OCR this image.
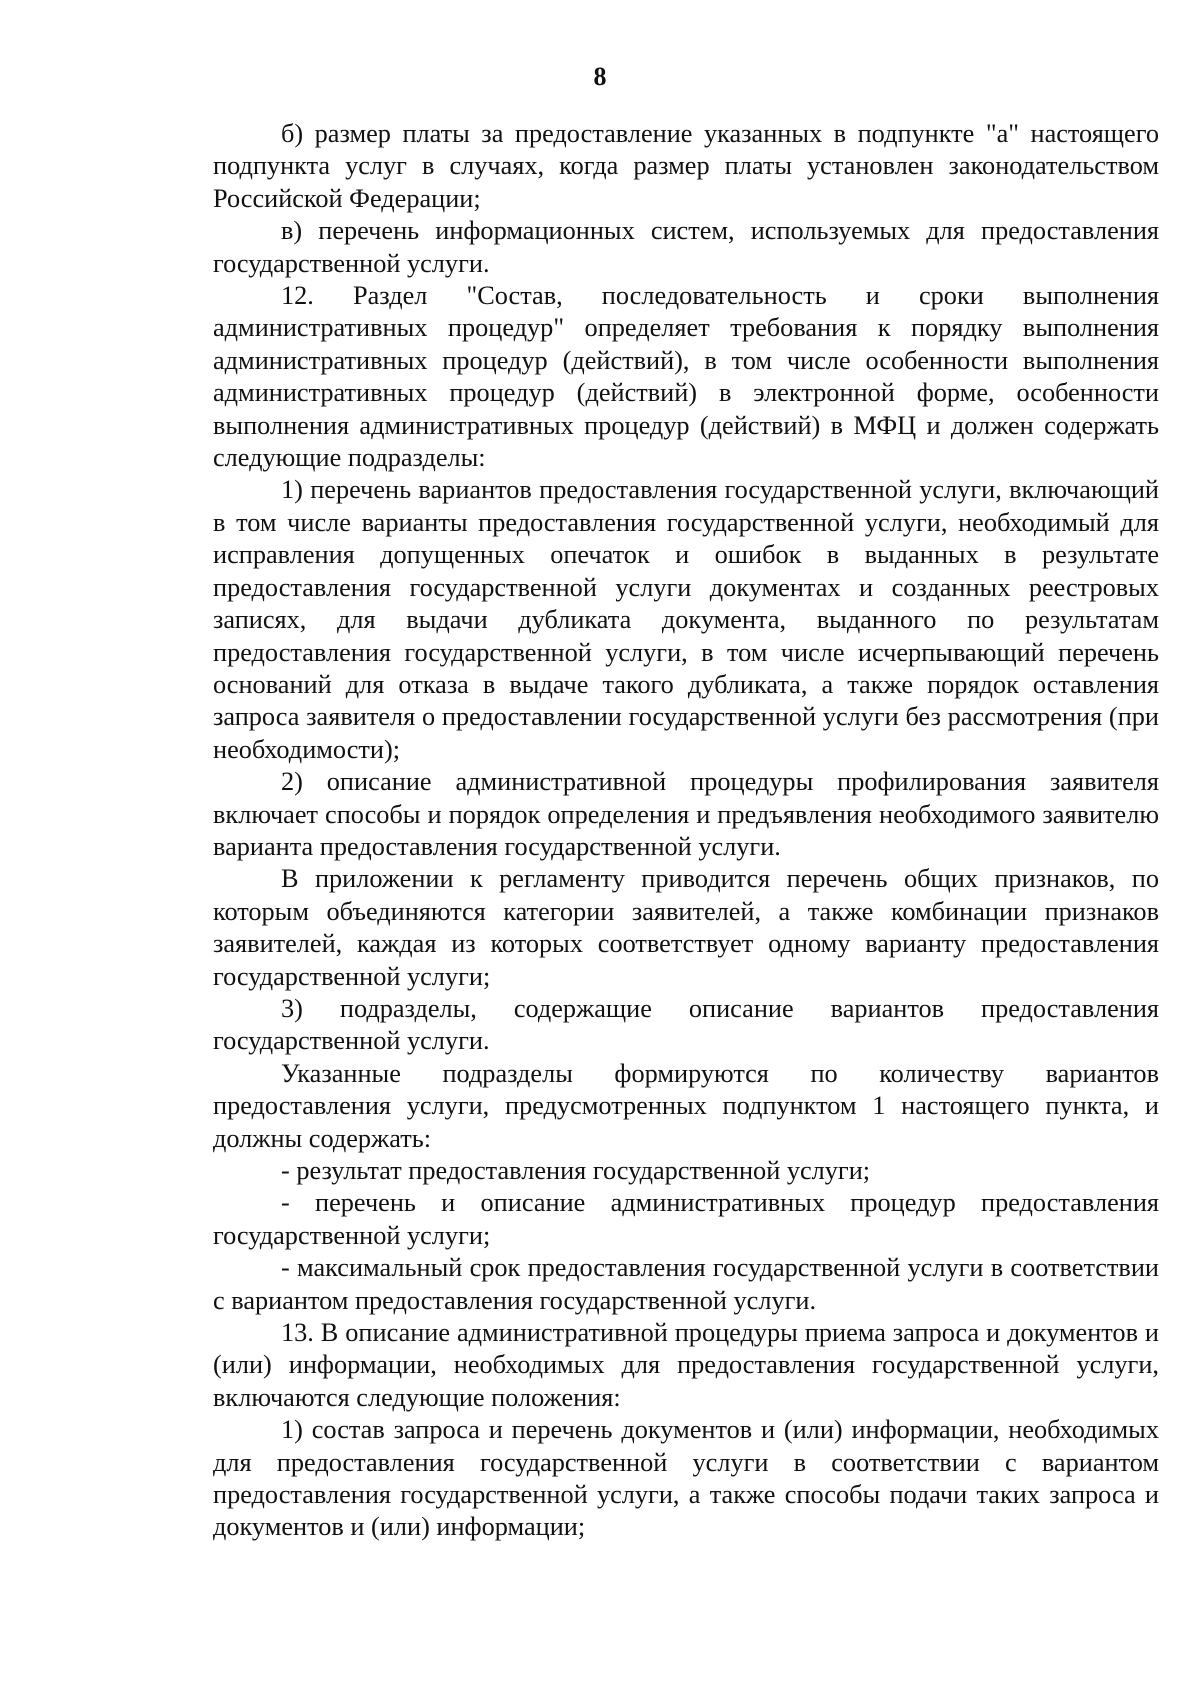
8

б) размер платы за предоставление указанных в подпункте "а" настоящего подпункта услуг в случаях, когда размер платы установлен законодательством Российской Федерации;

в) перечень информационных систем, используемых для предоставления государственной услуги.

12. Раздел "Состав, последовательность и сроки выполнения административных процедур" определяет требования к порядку выполнения административных процедур (действий), в том числе особенности выполнения административных процедур (действий) в электронной форме, особенности выполнения административных процедур (действий) в МФЦ и должен содержать следующие подразделы:

1) перечень вариантов предоставления государственной услуги, включающий в том числе варианты предоставления государственной услуги, необходимый для исправления допущенных опечаток и ошибок в выданных в результате предоставления государственной услуги документах и созданных реестровых записях, для выдачи дубликата документа, выданного по результатам предоставления государственной услуги, в том числе исчерпывающий перечень оснований для отказа в выдаче такого дубликата, а также порядок оставления запроса заявителя о предоставлении государственной услуги без рассмотрения (при необходимости);

2) описание административной процедуры профилирования заявителя включает способы и порядок определения и предъявления необходимого заявителю варианта предоставления государственной услуги.

В приложении к регламенту приводится перечень общих признаков, по которым объединяются категории заявителей, а также комбинации признаков заявителей, каждая из которых соответствует одному варианту предоставления государственной услуги;

3) подразделы, содержащие описание вариантов предоставления государственной услуги.

Указанные подразделы формируются по количеству вариантов предоставления услуги, предусмотренных подпунктом 1 настоящего пункта, и должны содержать:

- результат предоставления государственной услуги;

- перечень и описание административных процедур предоставления государственной услуги;

- максимальный срок предоставления государственной услуги в соответствии с вариантом предоставления государственной услуги.

13. В описание административной процедуры приема запроса и документов и (или) информации, необходимых для предоставления государственной услуги, включаются следующие положения:

1) состав запроса и перечень документов и (или) информации, необходимых для предоставления государственной услуги в соответствии с вариантом предоставления государственной услуги, а также способы подачи таких запроса и документов и (или) информации;
